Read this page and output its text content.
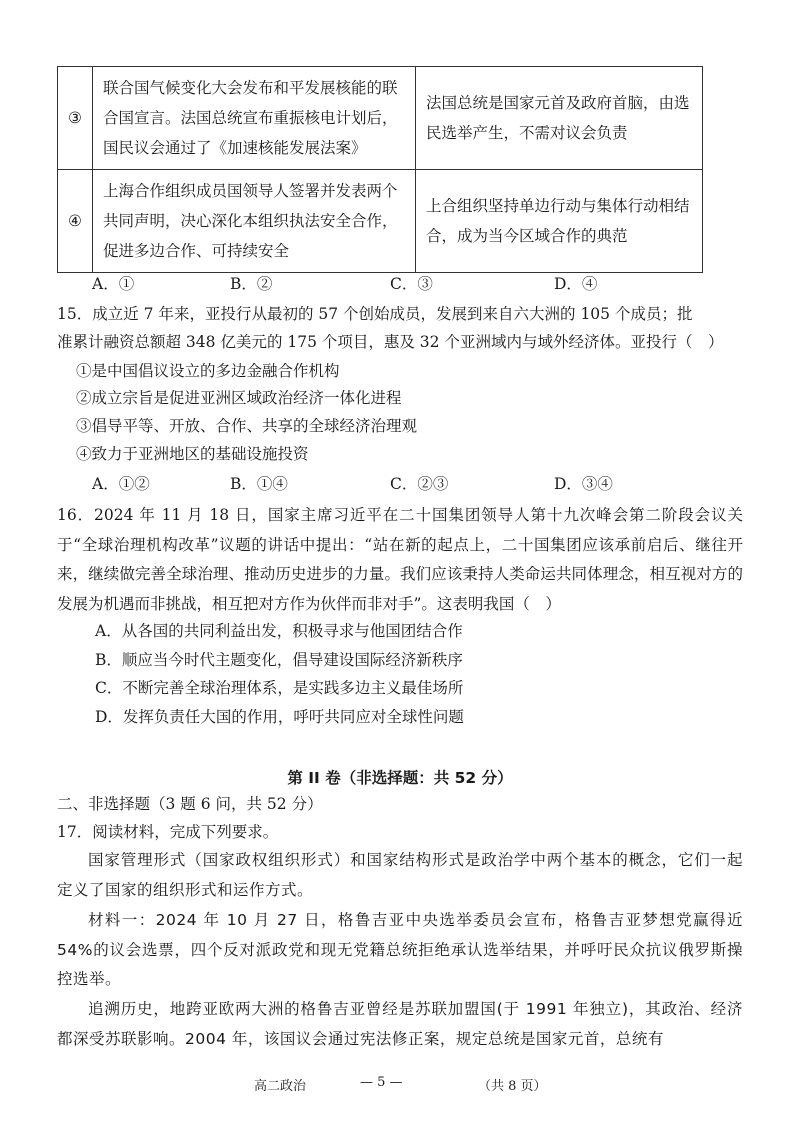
③	联合国气候变化大会发布和平发展核能的联合国宣言。法国总统宣布重振核电计划后，国民议会通过了《加速核能发展法案》	法国总统是国家元首及政府首脑，由选民选举产生，不需对议会负责
④	上海合作组织成员国领导人签署并发表两个共同声明，决心深化本组织执法安全合作，促进多边合作、可持续安全	上合组织坚持单边行动与集体行动相结合，成为当今区域合作的典范
A．①	B．②	C．③	D．④
15．成立近 7 年来，亚投行从最初的 57 个创始成员，发展到来自六大洲的 105 个成员；批
准累计融资总额超 348 亿美元的 175 个项目，惠及 32 个亚洲域内与域外经济体。亚投行（　）
①是中国倡议设立的多边金融合作机构
②成立宗旨是促进亚洲区域政治经济一体化进程
③倡导平等、开放、合作、共享的全球经济治理观
④致力于亚洲地区的基础设施投资
A．①②	B．①④	C．②③	D．③④
16．2024 年 11 月 18 日，国家主席习近平在二十国集团领导人第十九次峰会第二阶段会议关于“全球治理机构改革”议题的讲话中提出：“站在新的起点上，二十国集团应该承前启后、继往开来，继续做完善全球治理、推动历史进步的力量。我们应该秉持人类命运共同体理念，相互视对方的发展为机遇而非挑战，相互把对方作为伙伴而非对手”。这表明我国（　）
A．从各国的共同利益出发，积极寻求与他国团结合作
B．顺应当今时代主题变化，倡导建设国际经济新秩序
C．不断完善全球治理体系，是实践多边主义最佳场所
D．发挥负责任大国的作用，呼吁共同应对全球性问题
第 II 卷（非选择题：共 52 分）
二、非选择题（3 题 6 问，共 52 分）
17．阅读材料，完成下列要求。
国家管理形式（国家政权组织形式）和国家结构形式是政治学中两个基本的概念，它们一起定义了国家的组织形式和运作方式。
材料一：2024 年 10 月 27 日，格鲁吉亚中央选举委员会宣布，格鲁吉亚梦想党赢得近 54%的议会选票，四个反对派政党和现无党籍总统拒绝承认选举结果，并呼吁民众抗议俄罗斯操控选举。
追溯历史，地跨亚欧两大洲的格鲁吉亚曾经是苏联加盟国(于 1991 年独立)，其政治、经济都深受苏联影响。2004 年，该国议会通过宪法修正案，规定总统是国家元首，总统有
高二政治	— 5 —	（共 8 页）
